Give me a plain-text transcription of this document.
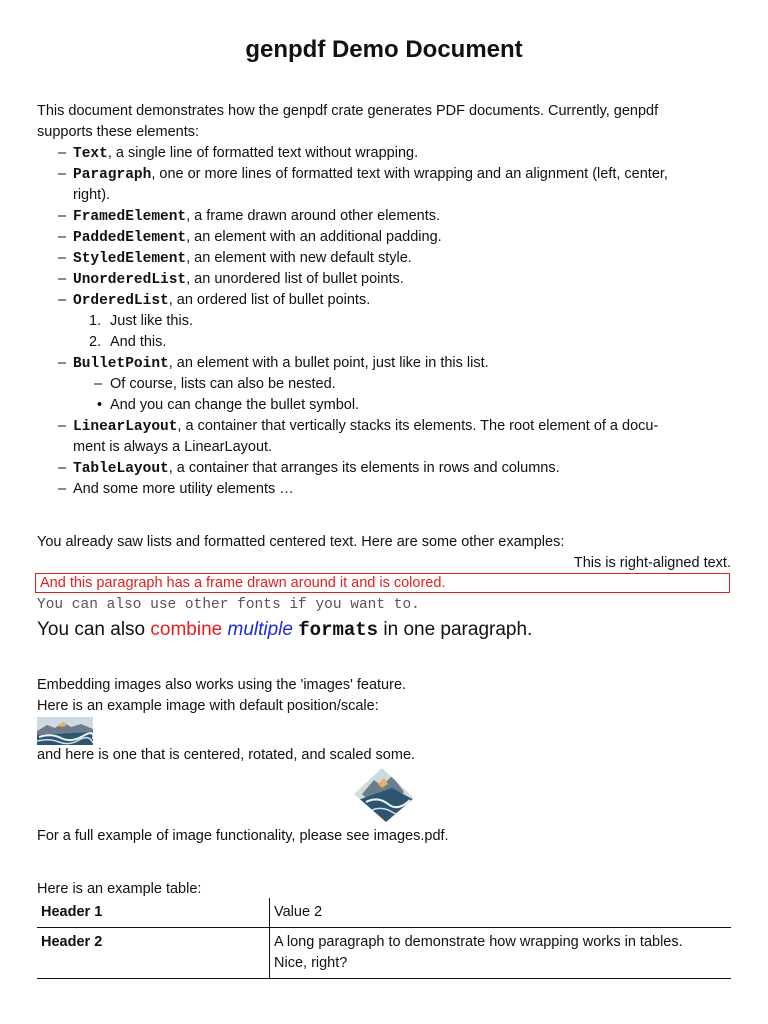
genpdf Demo Document
This document demonstrates how the genpdf crate generates PDF documents. Currently, genpdf
supports these elements:
– Text, a single line of formatted text without wrapping.
– Paragraph, one or more lines of formatted text with wrapping and an alignment (left, center,
right).
– FramedElement, a frame drawn around other elements.
– PaddedElement, an element with an additional padding.
– StyledElement, an element with new default style.
– UnorderedList, an unordered list of bullet points.
– OrderedList, an ordered list of bullet points.
1. Just like this.
2. And this.
– BulletPoint, an element with a bullet point, just like in this list.
– Of course, lists can also be nested.
• And you can change the bullet symbol.
– LinearLayout, a container that vertically stacks its elements. The root element of a docu-
ment is always a LinearLayout.
– TableLayout, a container that arranges its elements in rows and columns.
– And some more utility elements …
You already saw lists and formatted centered text. Here are some other examples:
This is right-aligned text.
And this paragraph has a frame drawn around it and is colored.
You can also use other fonts if you want to.
You can also combine multiple formats in one paragraph.
Embedding images also works using the 'images' feature.
Here is an example image with default position/scale:
and here is one that is centered, rotated, and scaled some.
For a full example of image functionality, please see images.pdf.
Here is an example table:
Header 1	Value 2
Header 2	A long paragraph to demonstrate how wrapping works in tables.
Nice, right?
